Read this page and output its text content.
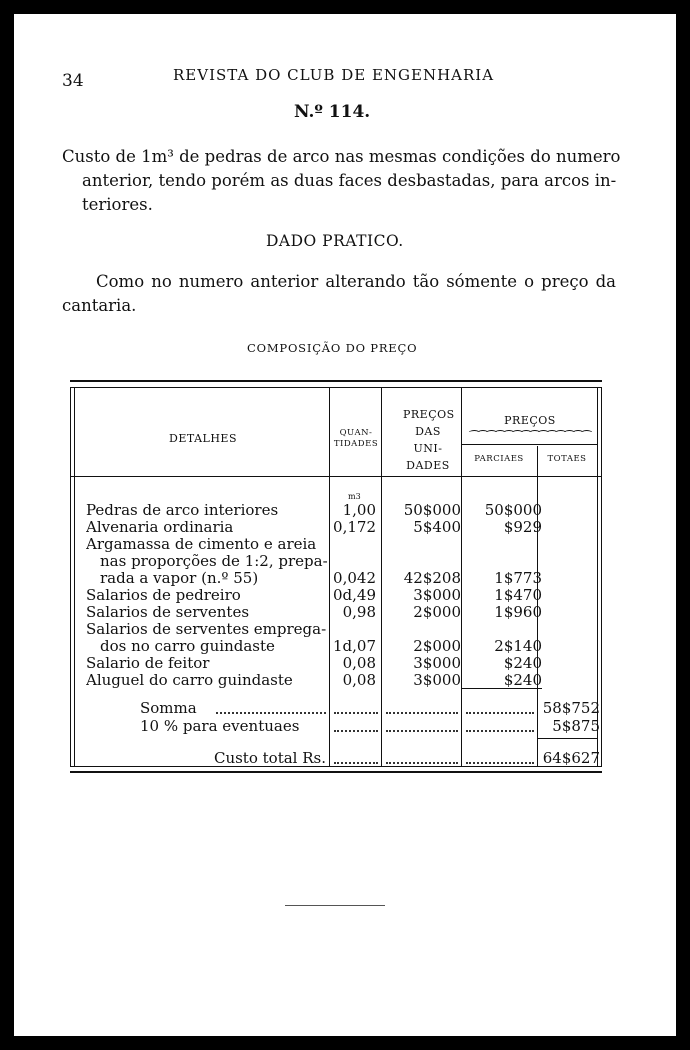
34	REVISTA DO CLUB DE ENGENHARIA
N.º 114.
Custo de 1m³ de pedras de arco nas mesmas condições do numero
anterior, tendo porém as duas faces desbastadas, para arcos in-
teriores.
DADO PRATICO.
Como no numero anterior alterando tão sómente o preço da cantaria.
COMPOSIÇÃO DO PREÇO
DETALHES	QUAN- TIDADES
PREÇOS DAS UNI- DADES
PREÇOS
⁀⁀⁀⁀⁀⁀⁀⁀⁀⁀⁀⁀⁀⁀
PARCIAES	TOTAES
m3
Pedras de arco interiores	1,00	50$000	50$000
Alvenaria ordinaria	0,172	5$400	$929
Argamassa de cimento e areia
nas proporções de 1:2, prepa-
rada a vapor (n.º 55)	0,042	42$208	1$773
Salarios de pedreiro	0d,49	3$000	1$470
Salarios de serventes	0,98	2$000	1$960
Salarios de serventes emprega-
dos no carro guindaste	1d,07	2$000	2$140
Salario de feitor	0,08	3$000	$240
Aluguel do carro guindaste	0,08	3$000	$240
Somma	58$752
10 % para eventuaes	5$875
Custo total Rs.	64$627
